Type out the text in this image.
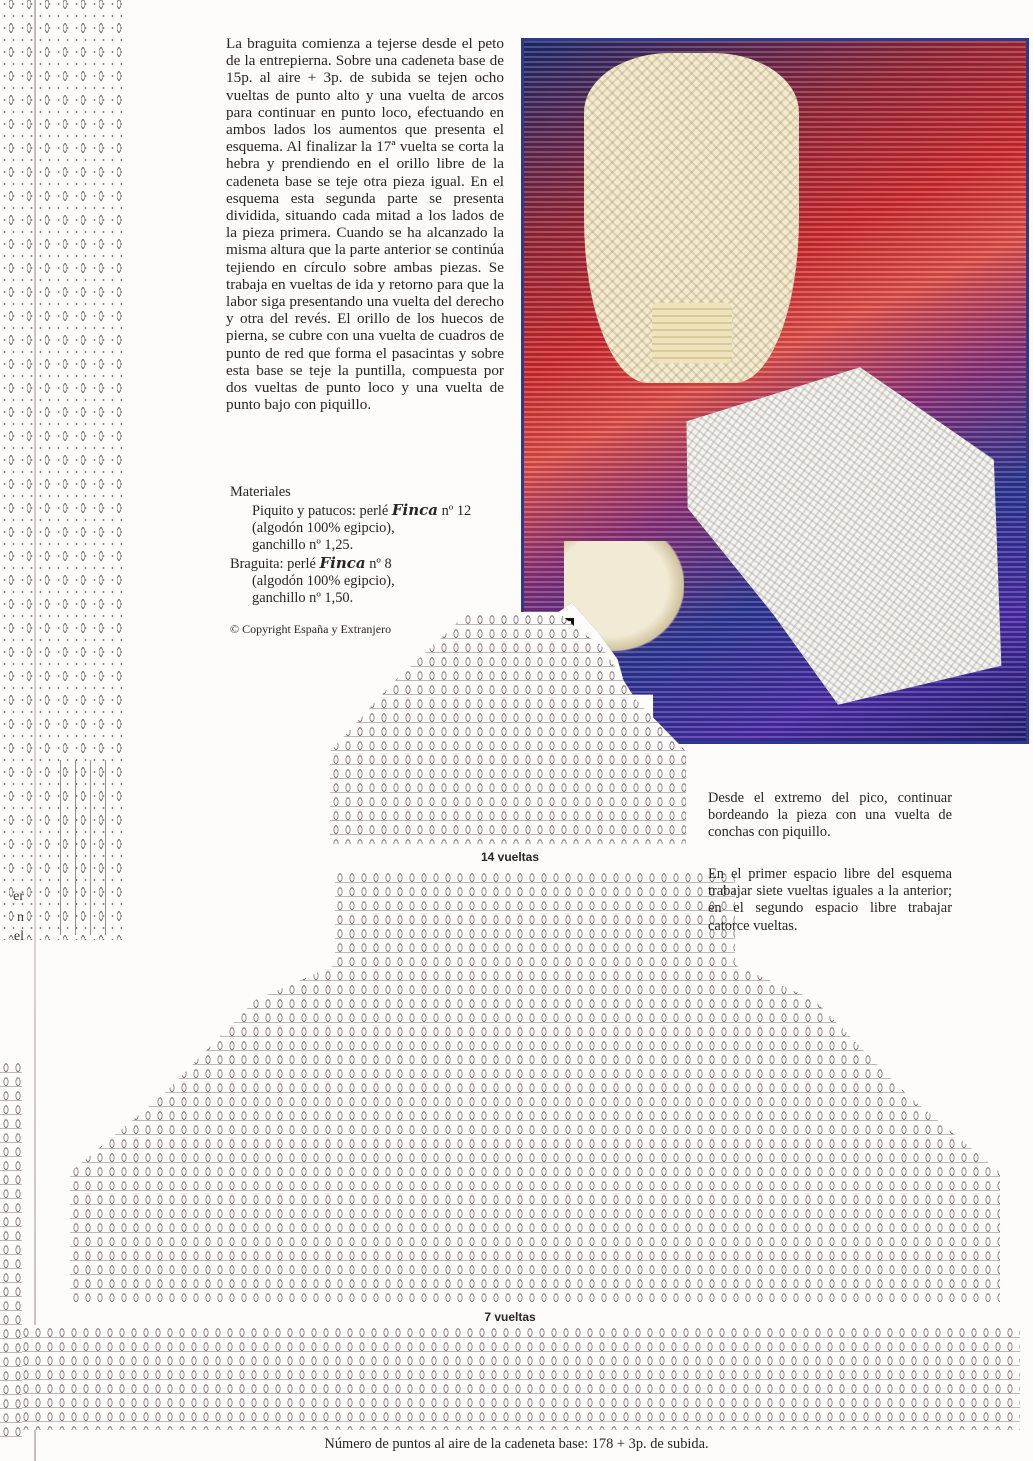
er
n
el

La braguita comienza a tejerse desde el peto de la entrepierna. Sobre una cadeneta base de 15p. al aire + 3p. de subida se tejen ocho vueltas de punto alto y una vuelta de arcos para continuar en punto loco, efectuando en ambos lados los aumentos que presenta el esquema. Al finalizar la 17ª vuelta se corta la hebra y prendiendo en el orillo libre de la cadeneta base se teje otra pieza igual. En el esquema esta segunda parte se presenta dividida, situando cada mitad a los lados de la pieza primera. Cuando se ha alcanzado la misma altura que la parte anterior se continúa tejiendo en círculo sobre ambas piezas. Se trabaja en vueltas de ida y retorno para que la labor siga presentando una vuelta del derecho y otra del revés. El orillo de los huecos de pierna, se cubre con una vuelta de cuadros de punto de red que forma el pasacintas y sobre esta base se teje la puntilla, compuesta por dos vueltas de punto loco y una vuelta de punto bajo con piquillo.

Materiales
Piquito y patucos: perlé Finca nº 12
(algodón 100% egipcio),
ganchillo nº 1,25.
Braguita: perlé Finca nº 8
(algodón 100% egipcio),
ganchillo nº 1,50.
© Copyright España y Extranjero
14 vueltas
7 vueltas

Desde el extremo del pico, continuar bordeando la pieza con una vuelta de conchas con piquillo.

En el primer espacio libre del esquema trabajar siete vueltas iguales a la anterior; en el segundo espacio libre trabajar catorce vueltas.

Número de puntos al aire de la cadeneta base: 178 + 3p. de subida.
